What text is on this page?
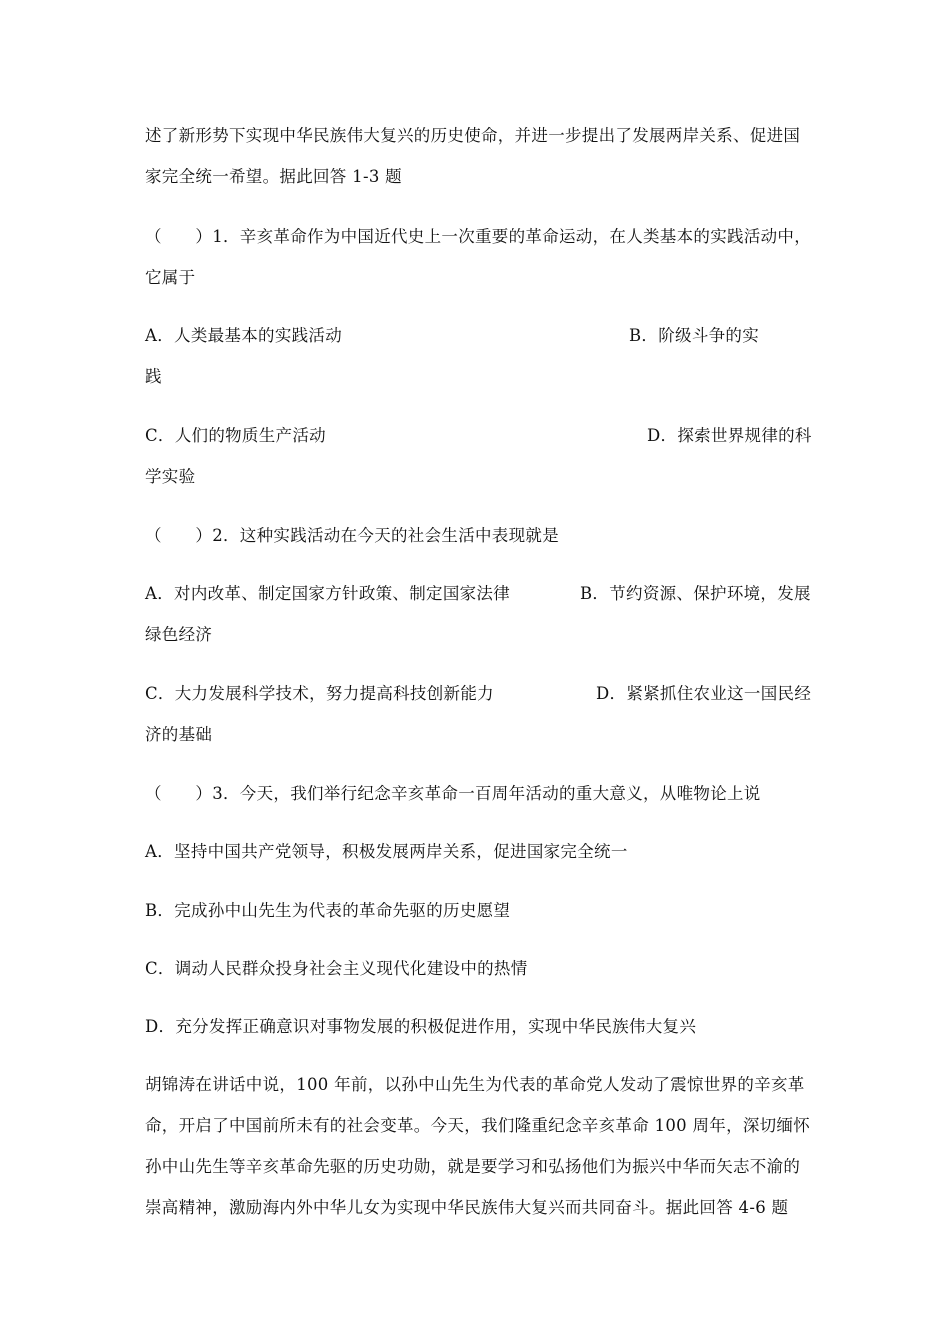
述了新形势下实现中华民族伟大复兴的历史使命，并进一步提出了发展两岸关系、促进国
家完全统一希望。据此回答 1-3 题
（　　）1．辛亥革命作为中国近代史上一次重要的革命运动，在人类基本的实践活动中，
它属于
A．人类最基本的实践活动	B．阶级斗争的实
践
C．人们的物质生产活动	D．探索世界规律的科
学实验
（　　）2．这种实践活动在今天的社会生活中表现就是
A．对内改革、制定国家方针政策、制定国家法律	B．节约资源、保护环境，发展
绿色经济
C．大力发展科学技术，努力提高科技创新能力	D．紧紧抓住农业这一国民经
济的基础
（　　）3．今天，我们举行纪念辛亥革命一百周年活动的重大意义，从唯物论上说
A．坚持中国共产党领导，积极发展两岸关系，促进国家完全统一
B．完成孙中山先生为代表的革命先驱的历史愿望
C．调动人民群众投身社会主义现代化建设中的热情
D．充分发挥正确意识对事物发展的积极促进作用，实现中华民族伟大复兴
胡锦涛在讲话中说，100 年前，以孙中山先生为代表的革命党人发动了震惊世界的辛亥革
命，开启了中国前所未有的社会变革。今天，我们隆重纪念辛亥革命 100 周年，深切缅怀
孙中山先生等辛亥革命先驱的历史功勋，就是要学习和弘扬他们为振兴中华而矢志不渝的
崇高精神，激励海内外中华儿女为实现中华民族伟大复兴而共同奋斗。据此回答 4-6 题
